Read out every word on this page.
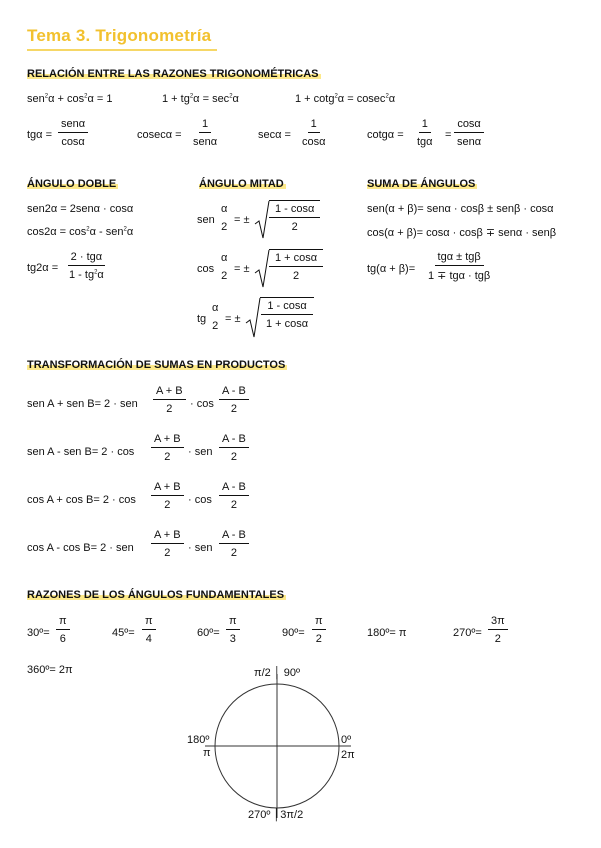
Tema 3. Trigonometría
RELACIÓN ENTRE LAS RAZONES TRIGONOMÉTRICAS
$sen^2\alpha + \cos^2\alpha = 1$	$1 + tg^2\alpha = \sec^2\alpha$	1 + cotg$^2$α = cosec$^2$α
tgα =
senα
cosα
cosecα =
1
senα
$\sec\alpha = \frac{1}{\cos\alpha}$	cotgα =
1
tgα
=
cosα
senα
ÁNGULO DOBLE	ÁNGULO MITAD	SUMA DE ÁNGULOS
sen2α = 2senα · cosα
$\cos 2\alpha = \cos^2\alpha - sen^2\alpha$
tg2α =
2 · tgα
$1 - tg^2\alpha$
sen
α
2
= ± $\frac{1 - \cos\alpha}{2}$
cos
α
2
= ± $\frac{1 + \cos\alpha}{2}$
tg
α
2
= ± $\frac{1 - \cos\alpha}{1 + \cos\alpha}$
sen(α + β)= senα · cosβ ± senβ · cosα
cos(α + β)= cosα · cosβ ∓ senα · senβ
tg(α + β)=
tgα ± tgβ
1 ∓ tgα · tgβ
TRANSFORMACIÓN DE SUMAS EN PRODUCTOS
sen A + sen B= 2 · sen $\frac{A + B}{2} \cdot \cos \frac{A - B}{2}$
sen A - sen $B= 2 \cdot \cos \frac{A + B}{2}$ · sen $\frac{A - B}{2}$
$\cos A + \cos B= 2 \cdot \cos \frac{A + B}{2} \cdot \cos \frac{A - B}{2}$
cos A - cos B= 2 · sen $\frac{A + B}{2}$ · sen $\frac{A - B}{2}$
RAZONES DE LOS ÁNGULOS FUNDAMENTALES
30º= $\frac{\pi}{6}$	45º= $\frac{\pi}{4}$	60º= $\frac{\pi}{3}$	90º= $\frac{\pi}{2}$	180º= π	270º= $\frac{3\pi}{2}$
360º= 2π	π/2 │ 90º
180º
π
0º
2π
270º │3π/2
